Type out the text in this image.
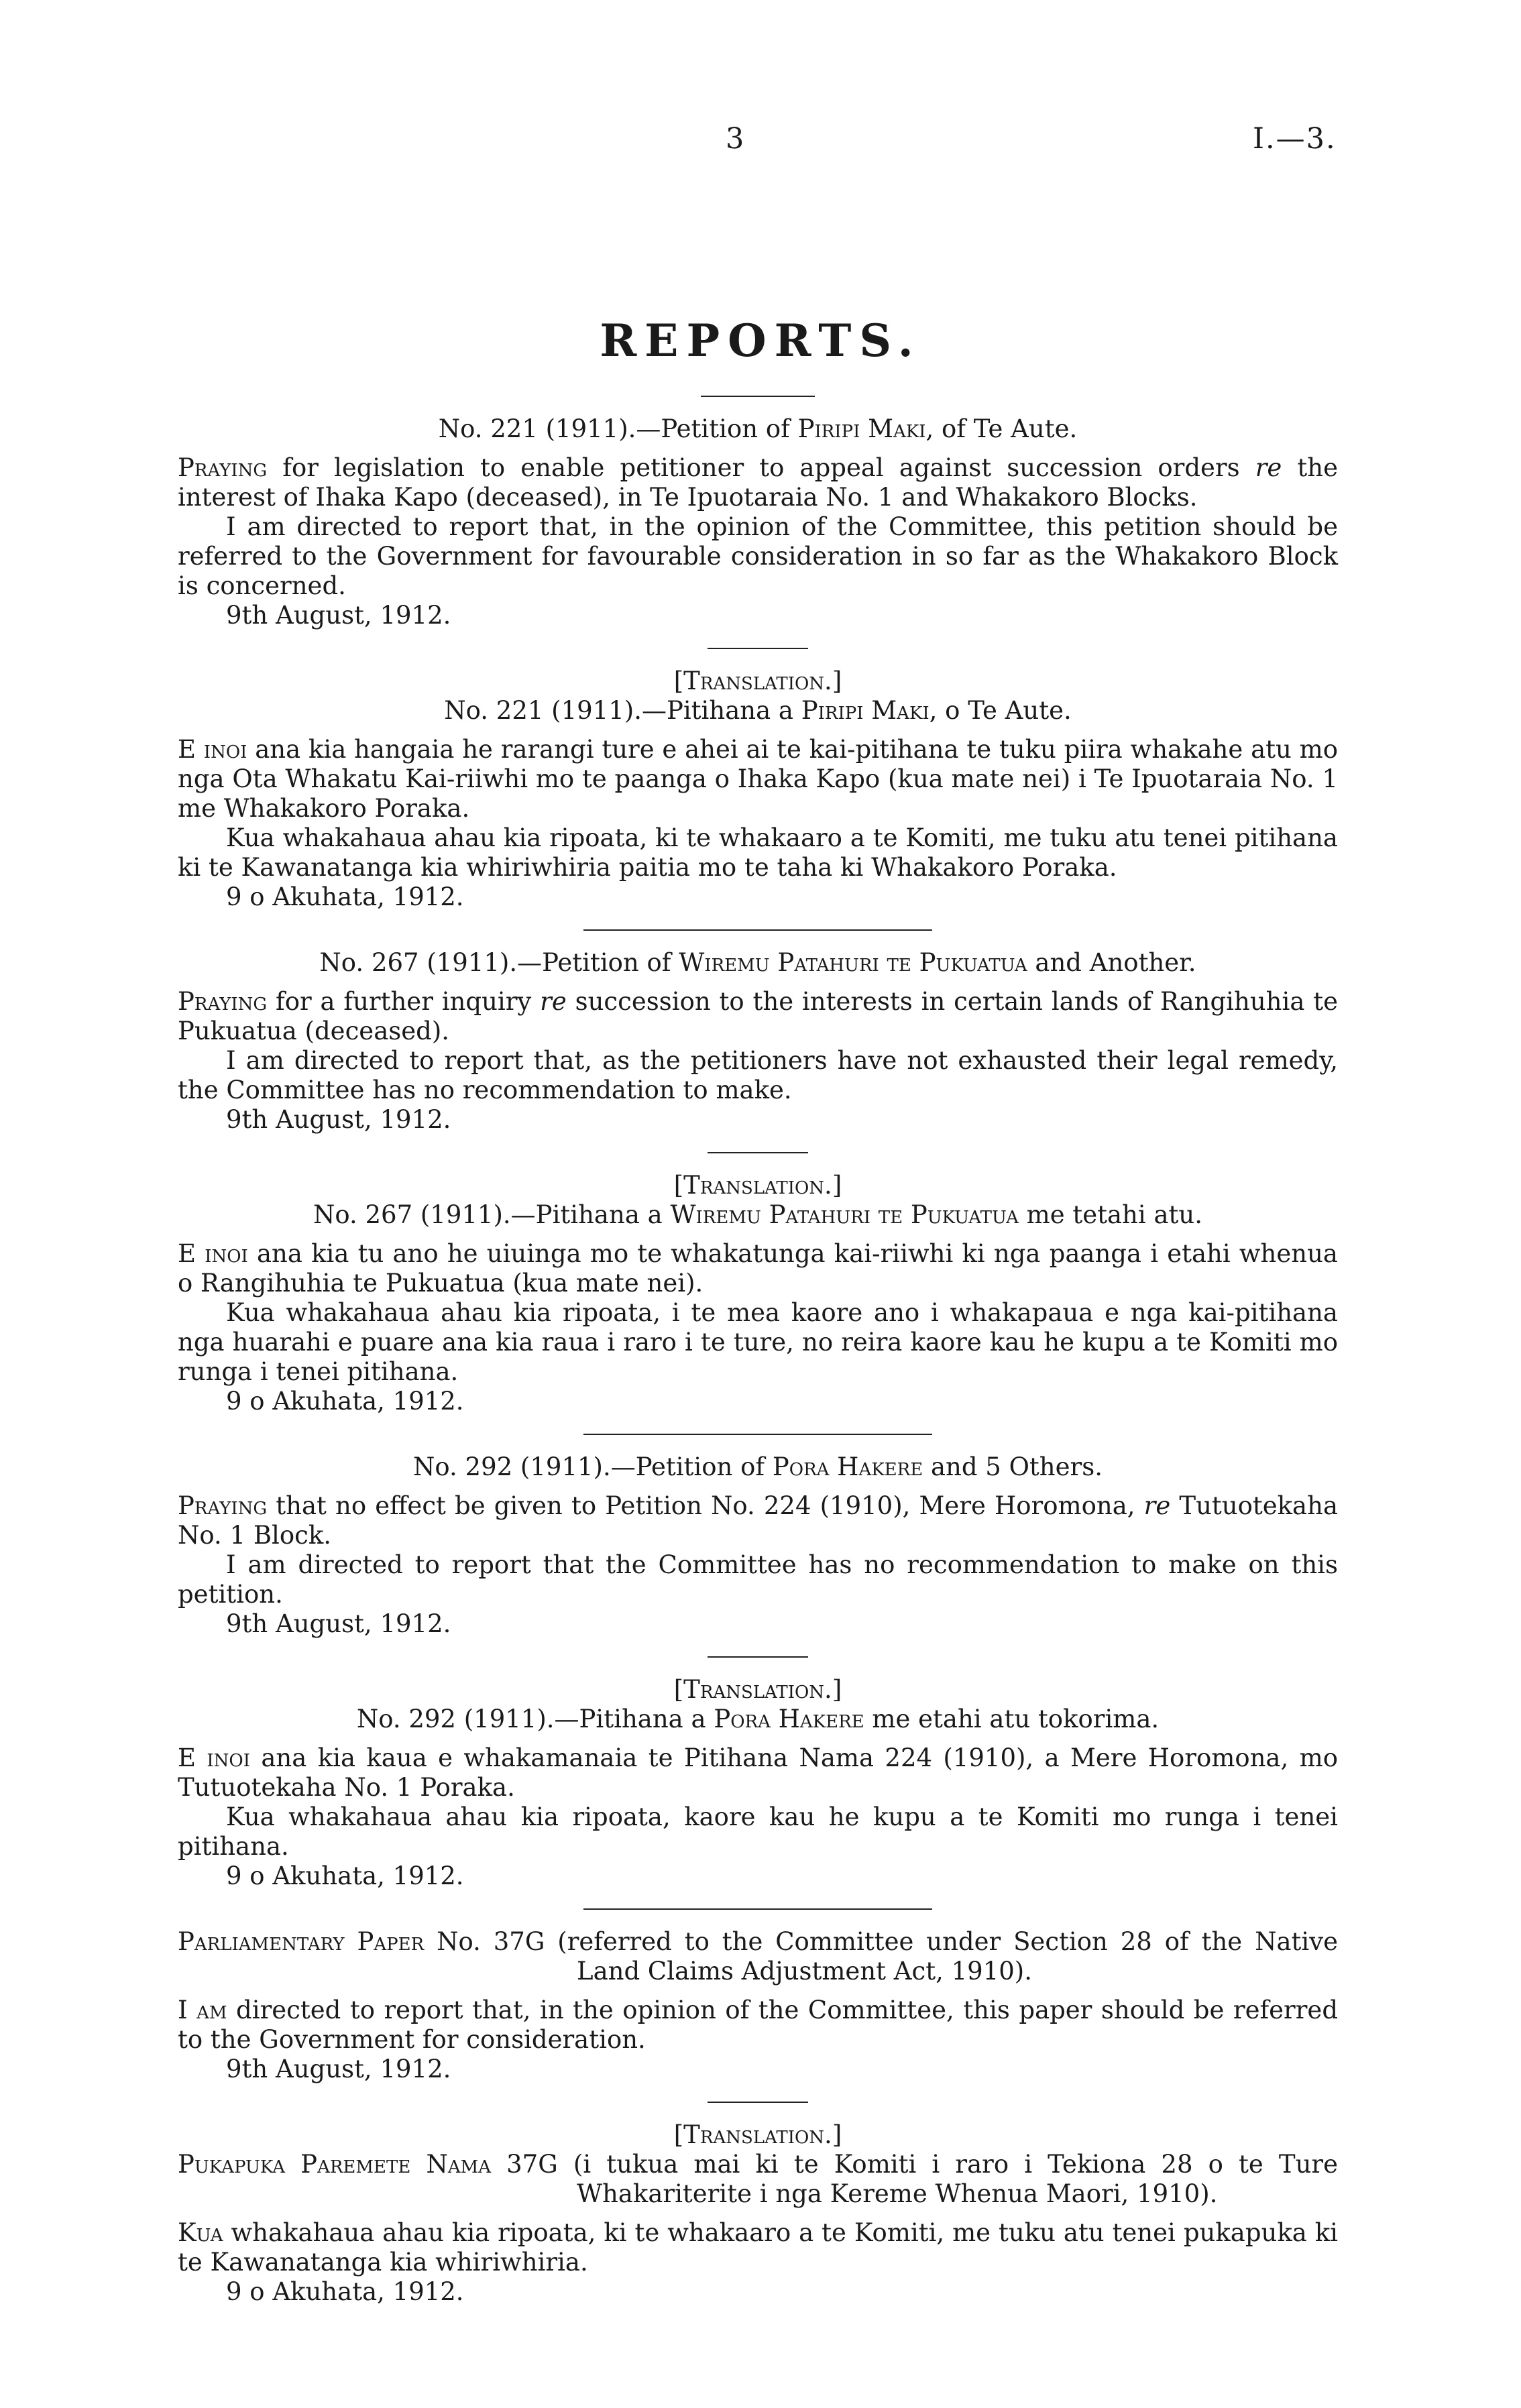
3	I.—3.
REPORTS.

No. 221 (1911).—Petition of Piripi Maki, of Te Aute.

Praying for legislation to enable petitioner to appeal against succession orders re the interest of Ihaka Kapo (deceased), in Te Ipuotaraia No. 1 and Whakakoro Blocks.

I am directed to report that, in the opinion of the Committee, this petition should be referred to the Government for favourable consideration in so far as the Whakakoro Block is concerned.

9th August, 1912.

[Translation.]

No. 221 (1911).—Pitihana a Piripi Maki, o Te Aute.

E inoi ana kia hangaia he rarangi ture e ahei ai te kai-pitihana te tuku piira whakahe atu mo nga Ota Whakatu Kai-riiwhi mo te paanga o Ihaka Kapo (kua mate nei) i Te Ipuotaraia No. 1 me Whakakoro Poraka.

Kua whakahaua ahau kia ripoata, ki te whakaaro a te Komiti, me tuku atu tenei pitihana ki te Kawanatanga kia whiriwhiria paitia mo te taha ki Whakakoro Poraka.

9 o Akuhata, 1912.

No. 267 (1911).—Petition of Wiremu Patahuri te Pukuatua and Another.

Praying for a further inquiry re succession to the interests in certain lands of Rangihuhia te Pukuatua (deceased).

I am directed to report that, as the petitioners have not exhausted their legal remedy, the Committee has no recommendation to make.

9th August, 1912.

[Translation.]

No. 267 (1911).—Pitihana a Wiremu Patahuri te Pukuatua me tetahi atu.

E inoi ana kia tu ano he uiuinga mo te whakatunga kai-riiwhi ki nga paanga i etahi whenua o Rangihuhia te Pukuatua (kua mate nei).

Kua whakahaua ahau kia ripoata, i te mea kaore ano i whakapaua e nga kai-pitihana nga huarahi e puare ana kia raua i raro i te ture, no reira kaore kau he kupu a te Komiti mo runga i tenei pitihana.

9 o Akuhata, 1912.

No. 292 (1911).—Petition of Pora Hakere and 5 Others.

Praying that no effect be given to Petition No. 224 (1910), Mere Horomona, re Tutuotekaha No. 1 Block.

I am directed to report that the Committee has no recommendation to make on this petition.

9th August, 1912.

[Translation.]

No. 292 (1911).—Pitihana a Pora Hakere me etahi atu tokorima.

E inoi ana kia kaua e whakamanaia te Pitihana Nama 224 (1910), a Mere Horomona, mo Tutuotekaha No. 1 Poraka.

Kua whakahaua ahau kia ripoata, kaore kau he kupu a te Komiti mo runga i tenei pitihana.

9 o Akuhata, 1912.

Parliamentary Paper No. 37G (referred to the Committee under Section 28 of the Native Land Claims Adjustment Act, 1910).

I am directed to report that, in the opinion of the Committee, this paper should be referred to the Government for consideration.

9th August, 1912.

[Translation.]

Pukapuka Paremete Nama 37G (i tukua mai ki te Komiti i raro i Tekiona 28 o te Ture Whakariterite i nga Kereme Whenua Maori, 1910).

Kua whakahaua ahau kia ripoata, ki te whakaaro a te Komiti, me tuku atu tenei pukapuka ki te Kawanatanga kia whiriwhiria.

9 o Akuhata, 1912.
